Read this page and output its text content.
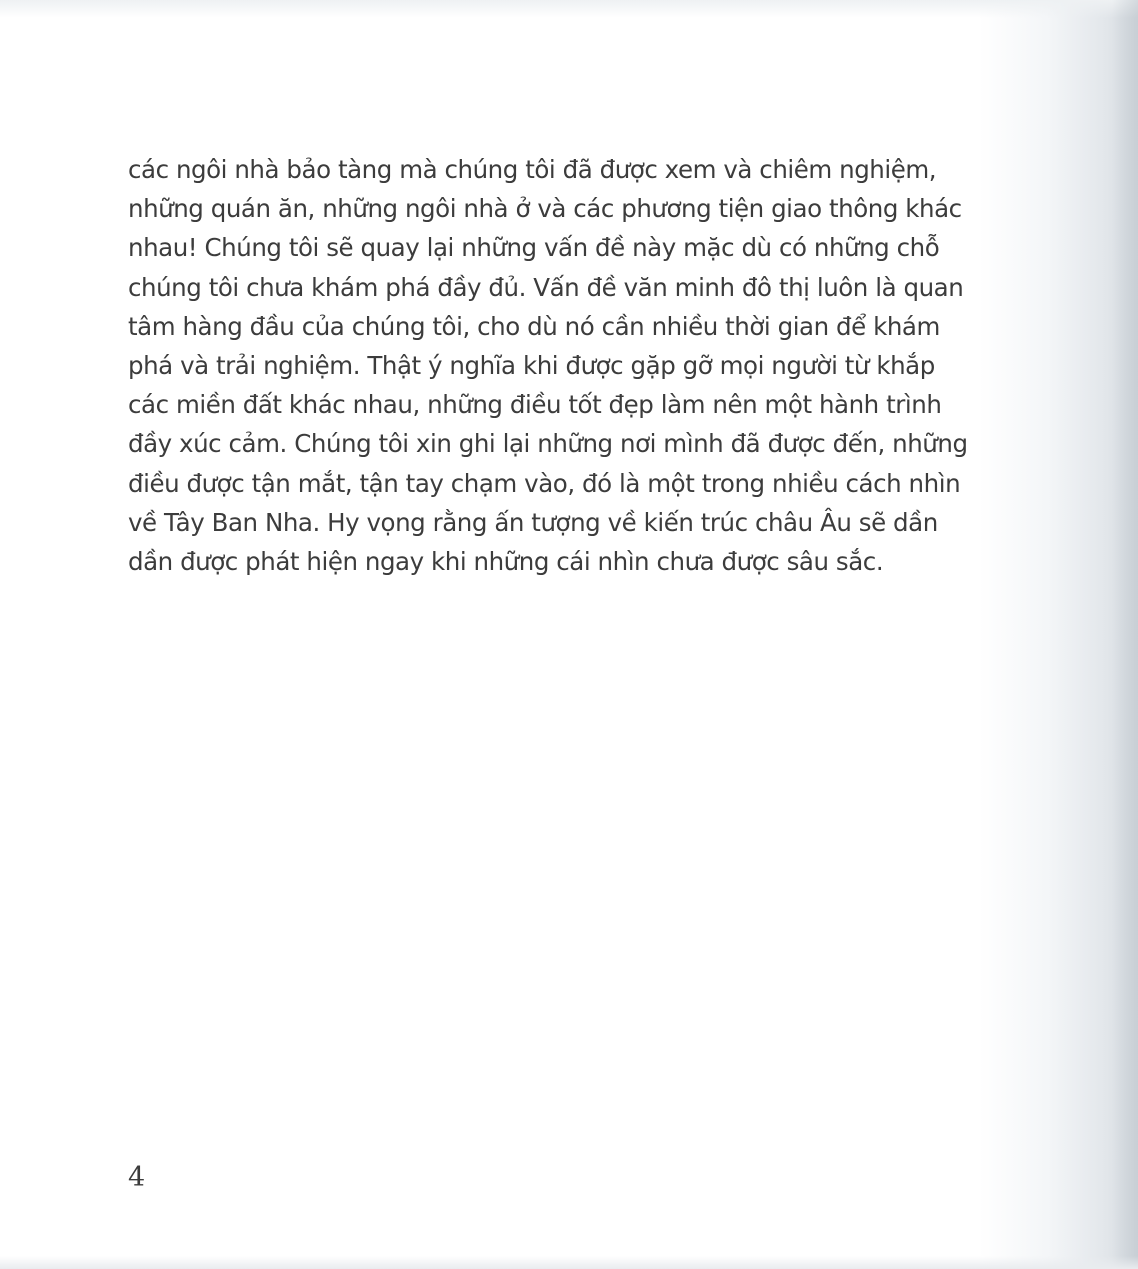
các ngôi nhà bảo tàng mà chúng tôi đã được xem và chiêm nghiệm,
những quán ăn, những ngôi nhà ở và các phương tiện giao thông khác
nhau! Chúng tôi sẽ quay lại những vấn đề này mặc dù có những chỗ
chúng tôi chưa khám phá đầy đủ. Vấn đề văn minh đô thị luôn là quan
tâm hàng đầu của chúng tôi, cho dù nó cần nhiều thời gian để khám
phá và trải nghiệm. Thật ý nghĩa khi được gặp gỡ mọi người từ khắp
các miền đất khác nhau, những điều tốt đẹp làm nên một hành trình
đầy xúc cảm. Chúng tôi xin ghi lại những nơi mình đã được đến, những
điều được tận mắt, tận tay chạm vào, đó là một trong nhiều cách nhìn
về Tây Ban Nha. Hy vọng rằng ấn tượng về kiến trúc châu Âu sẽ dần
dần được phát hiện ngay khi những cái nhìn chưa được sâu sắc.

4
